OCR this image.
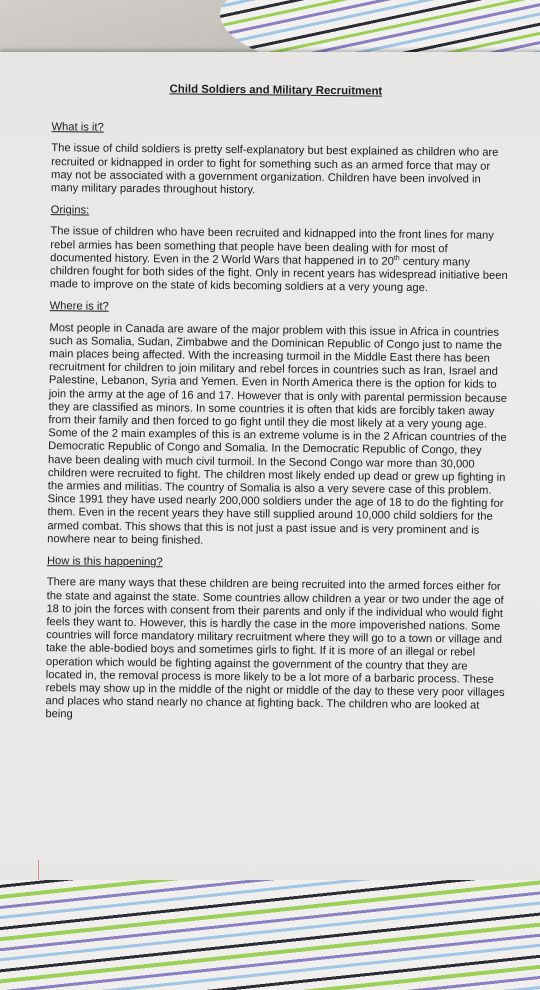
Child Soldiers and Military Recruitment
What is it?

The issue of child soldiers is pretty self-explanatory but best explained as children who are recruited or kidnapped in order to fight for something such as an armed force that may or may not be associated with a government organization. Children have been involved in many military parades throughout history.

Origins:

The issue of children who have been recruited and kidnapped into the front lines for many rebel armies has been something that people have been dealing with for most of documented history. Even in the 2 World Wars that happened in to 20th century many children fought for both sides of the fight. Only in recent years has widespread initiative been made to improve on the state of kids becoming soldiers at a very young age.

Where is it?

Most people in Canada are aware of the major problem with this issue in Africa in countries such as Somalia, Sudan, Zimbabwe and the Dominican Republic of Congo just to name the main places being affected. With the increasing turmoil in the Middle East there has been recruitment for children to join military and rebel forces in countries such as Iran, Israel and Palestine, Lebanon, Syria and Yemen. Even in North America there is the option for kids to join the army at the age of 16 and 17. However that is only with parental permission because they are classified as minors. In some countries it is often that kids are forcibly taken away from their family and then forced to go fight until they die most likely at a very young age. Some of the 2 main examples of this is an extreme volume is in the 2 African countries of the Democratic Republic of Congo and Somalia. In the Democratic Republic of Congo, they have been dealing with much civil turmoil. In the Second Congo war more than 30,000 children were recruited to fight. The children most likely ended up dead or grew up fighting in the armies and militias. The country of Somalia is also a very severe case of this problem. Since 1991 they have used nearly 200,000 soldiers under the age of 18 to do the fighting for them. Even in the recent years they have still supplied around 10,000 child soldiers for the armed combat. This shows that this is not just a past issue and is very prominent and is nowhere near to being finished.

How is this happening?

There are many ways that these children are being recruited into the armed forces either for the state and against the state. Some countries allow children a year or two under the age of 18 to join the forces with consent from their parents and only if the individual who would fight feels they want to. However, this is hardly the case in the more impoverished nations. Some countries will force mandatory military recruitment where they will go to a town or village and take the able-bodied boys and sometimes girls to fight. If it is more of an illegal or rebel operation which would be fighting against the government of the country that they are located in, the removal process is more likely to be a lot more of a barbaric process. These rebels may show up in the middle of the night or middle of the day to these very poor villages and places who stand nearly no chance at fighting back. The children who are looked at being
